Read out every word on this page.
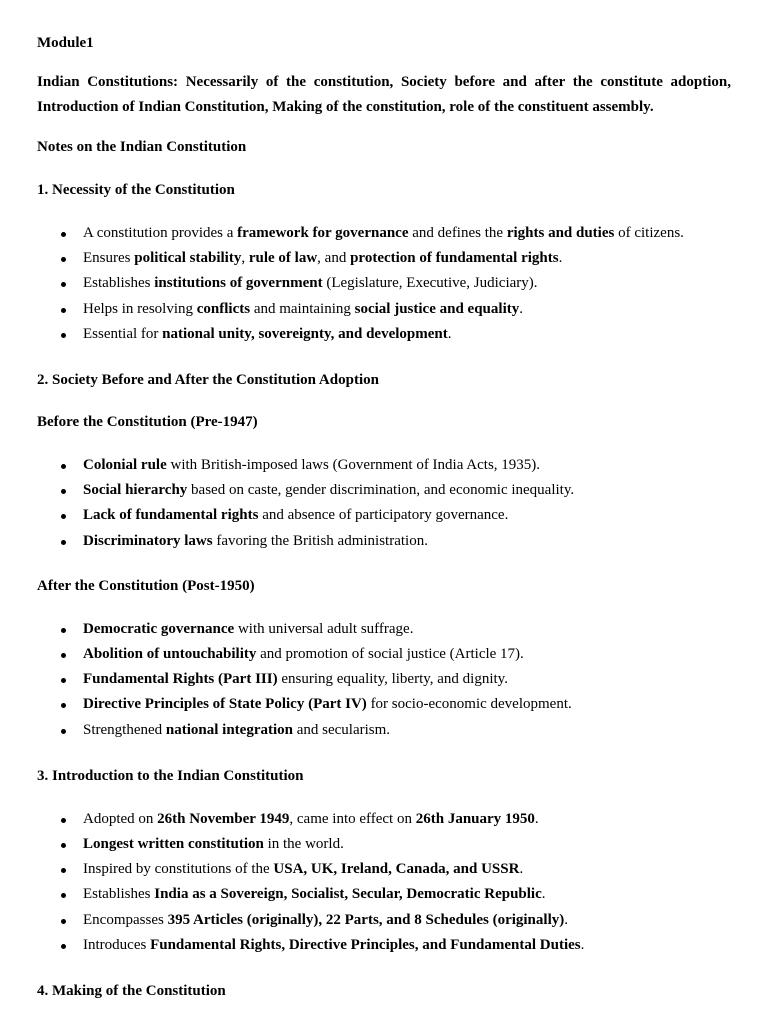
Module1

Indian Constitutions: Necessarily of the constitution, Society before and after the constitute adoption, Introduction of Indian Constitution, Making of the constitution, role of the constituent assembly.

Notes on the Indian Constitution

1. Necessity of the Constitution

A constitution provides a framework for governance and defines the rights and duties of citizens.
Ensures political stability, rule of law, and protection of fundamental rights.
Establishes institutions of government (Legislature, Executive, Judiciary).
Helps in resolving conflicts and maintaining social justice and equality.
Essential for national unity, sovereignty, and development.

2. Society Before and After the Constitution Adoption

Before the Constitution (Pre-1947)

Colonial rule with British-imposed laws (Government of India Acts, 1935).
Social hierarchy based on caste, gender discrimination, and economic inequality.
Lack of fundamental rights and absence of participatory governance.
Discriminatory laws favoring the British administration.

After the Constitution (Post-1950)

Democratic governance with universal adult suffrage.
Abolition of untouchability and promotion of social justice (Article 17).
Fundamental Rights (Part III) ensuring equality, liberty, and dignity.
Directive Principles of State Policy (Part IV) for socio-economic development.
Strengthened national integration and secularism.

3. Introduction to the Indian Constitution

Adopted on 26th November 1949, came into effect on 26th January 1950.
Longest written constitution in the world.
Inspired by constitutions of the USA, UK, Ireland, Canada, and USSR.
Establishes India as a Sovereign, Socialist, Secular, Democratic Republic.
Encompasses 395 Articles (originally), 22 Parts, and 8 Schedules (originally).
Introduces Fundamental Rights, Directive Principles, and Fundamental Duties.

4. Making of the Constitution
